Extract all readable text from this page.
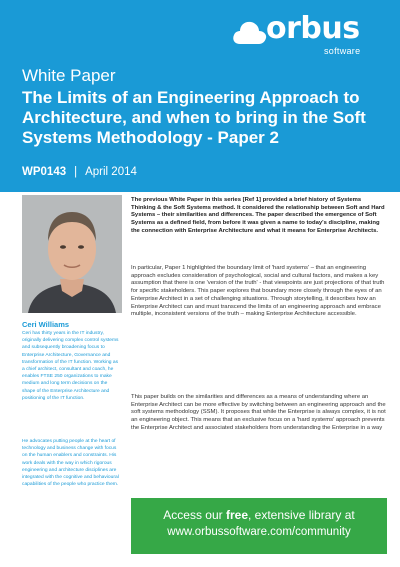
orbus
software
White Paper
The Limits of an Engineering Approach to Architecture, and when to bring in the Soft Systems Methodology - Paper 2
WP0143 | April 2014
Ceri Williams
Ceri has thirty years in the IT industry, originally delivering complex control systems and subsequently broadening focus to Enterprise Architecture, Governance and transformation of the IT function. Working as a chief architect, consultant and coach, he enables FTSE 250 organizations to make medium and long term decisions on the shape of the Enterprise Architecture and positioning of the IT function.
He advocates putting people at the heart of technology and business change with focus on the human enablers and constraints. His work deals with the way in which rigorous engineering and architecture disciplines are integrated with the cognitive and behavioural capabilities of the people who practice them.
The previous White Paper in this series [Ref 1] provided a brief history of Systems Thinking & the Soft Systems method. It considered the relationship between Soft and Hard Systems – their similarities and differences. The paper described the emergence of Soft Systems as a defined field, from before it was given a name to today's discipline, making the connection with Enterprise Architecture and what it means for Enterprise Architects.
In particular, Paper 1 highlighted the boundary limit of 'hard systems' – that an engineering approach excludes consideration of psychological, social and cultural factors, and makes a key assumption that there is one 'version of the truth' - that viewpoints are just projections of that truth for specific stakeholders. This paper explores that boundary more closely through the eyes of an Enterprise Architect in a set of challenging situations. Through storytelling, it describes how an Enterprise Architect can and must transcend the limits of an engineering approach and embrace multiple, inconsistent versions of the truth – making Enterprise Architecture accessible.
This paper builds on the similarities and differences as a means of understanding where an Enterprise Architect can be more effective by switching between an engineering approach and the soft systems methodology (SSM). It proposes that while the Enterprise is always complex, it is not an engineering object. This means that an exclusive focus on a 'hard systems' approach prevents the Enterprise Architect and associated stakeholders from understanding the Enterprise in a way
Access our free, extensive library at
www.orbussoftware.com/community
